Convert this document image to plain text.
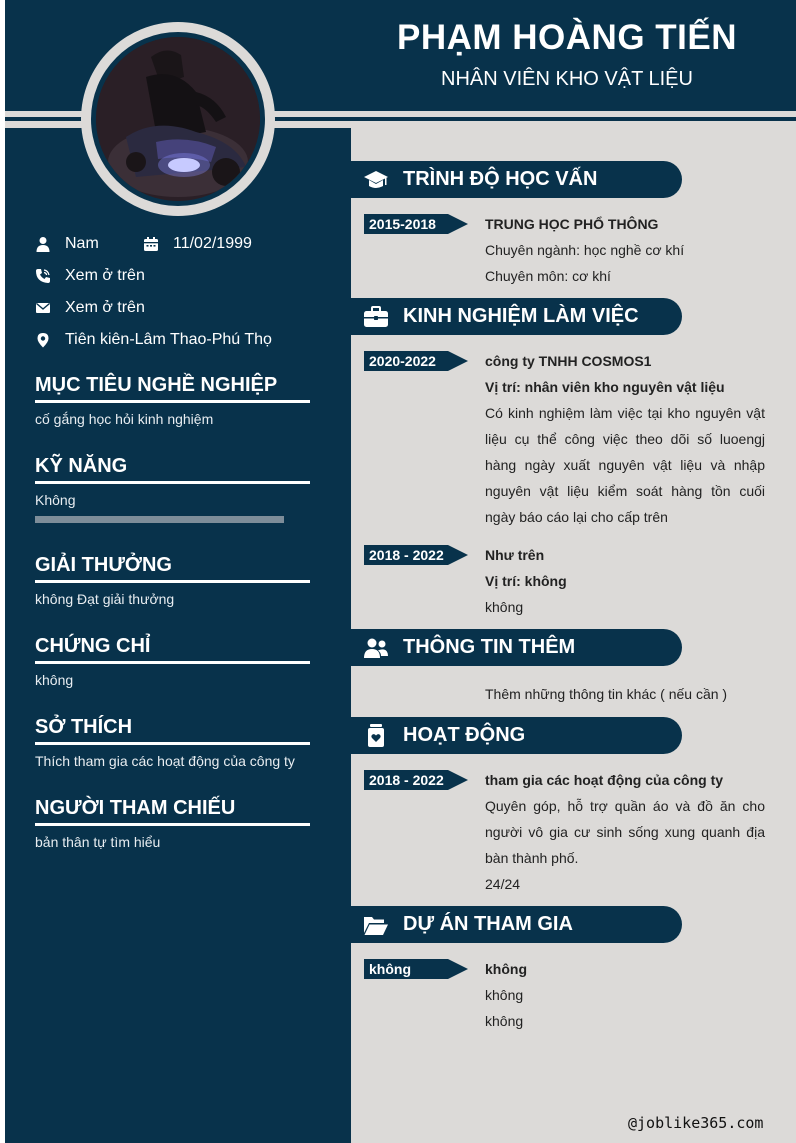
PHẠM HOÀNG TIẾN
NHÂN VIÊN KHO VẬT LIỆU
Nam	11/02/1999
Xem ở trên
Xem ở trên
Tiên kiên-Lâm Thao-Phú Thọ
MỤC TIÊU NGHỀ NGHIỆP
cố gắng học hỏi kinh nghiệm
KỸ NĂNG
Không
GIẢI THƯỞNG
không Đạt giải thưởng
CHỨNG CHỈ
không
SỞ THÍCH
Thích tham gia các hoạt động của công ty
NGƯỜI THAM CHIẾU
bản thân tự tìm hiểu
TRÌNH ĐỘ HỌC VẤN
2015-2018	TRUNG HỌC PHỔ THÔNG
Chuyên ngành: học nghề cơ khí
Chuyên môn: cơ khí
KINH NGHIỆM LÀM VIỆC
2020-2022	công ty TNHH COSMOS1
Vị trí: nhân viên kho nguyên vật liệu
Có kinh nghiệm làm việc tại kho nguyên vật liệu cụ thể công việc theo dõi số luoengj hàng ngày xuất nguyên vật liệu và nhập nguyên vật liệu kiểm soát hàng tồn cuối ngày báo cáo lại cho cấp trên
2018 - 2022	Như trên
Vị trí: không
không
THÔNG TIN THÊM
Thêm những thông tin khác ( nếu cần )
HOẠT ĐỘNG
2018 - 2022	tham gia các hoạt động của công ty
Quyên góp, hỗ trợ quần áo và đồ ăn cho người vô gia cư sinh sống xung quanh địa bàn thành phố.
24/24
DỰ ÁN THAM GIA
không	không
không
không
@joblike365.com
